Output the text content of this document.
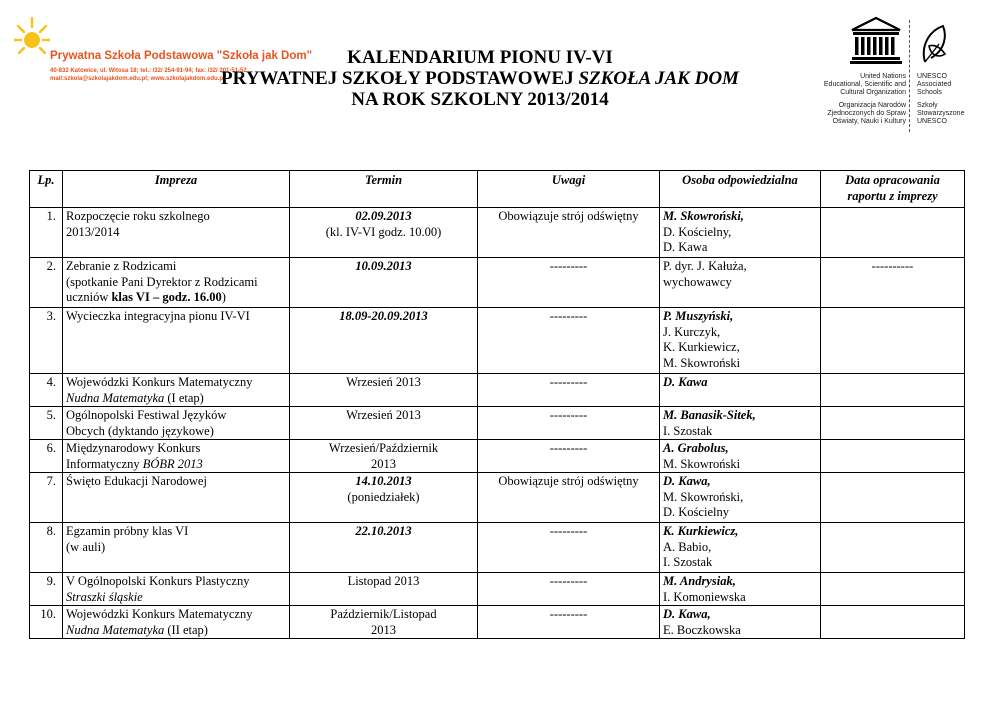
Prywatna Szkoła Podstawowa "Szkoła jak Dom"
40-832 Katowice, ul. Witosa 18; tel.: /32/ 254-91-94; fax: /32/ 201-51-52
mail:szkola@szkolajakdom.edu.pl; www.szkolajakdom.edu.pl
KALENDARIUM PIONU IV-VI
PRYWATNEJ SZKOŁY PODSTAWOWEJ SZKOŁA JAK DOM
NA ROK SZKOLNY 2013/2014
United Nations
Educational, Scientific and
Cultural Organization
Organizacja Narodów
Zjednoczonych do Spraw
Oświaty, Nauki i Kultury
UNESCO
Associated
Schools
Szkoły
Stowarzyszone
UNESCO
Lp.	Impreza	Termin	Uwagi	Osoba odpowiedzialna	Data opracowania
raportu z imprezy

1.	Rozpoczęcie roku szkolnego
2013/2014	02.09.2013
(kl. IV-VI godz. 10.00)	Obowiązuje strój odświętny	M. Skowroński,
D. Kościelny,
D. Kawa	

2.	Zebranie z Rodzicami
(spotkanie Pani Dyrektor z Rodzicami
uczniów klas VI – godz. 16.00)	10.09.2013	---------	P. dyr. J. Kałuża,
wychowawcy	----------
3.	Wycieczka integracyjna pionu IV-VI	18.09-20.09.2013	---------	P. Muszyński,
J. Kurczyk,
K. Kurkiewicz,
M. Skowroński	

4.	Wojewódzki Konkurs Matematyczny
Nudna Matematyka (I etap)	Wrzesień 2013	---------	D. Kawa	

5.	Ogólnopolski Festiwal Języków
Obcych (dyktando językowe)	Wrzesień 2013	---------	M. Banasik-Sitek,
I. Szostak	

6.	Międzynarodowy Konkurs
Informatyczny BÓBR 2013	Wrzesień/Październik
2013	---------	A. Grabolus,
M. Skowroński	

7.	Święto Edukacji Narodowej	14.10.2013
(poniedziałek)	Obowiązuje strój odświętny	D. Kawa,
M. Skowroński,
D. Kościelny	

8.	Egzamin próbny klas VI
(w auli)	22.10.2013	---------	K. Kurkiewicz,
A. Babio,
I. Szostak	

9.	V Ogólnopolski Konkurs Plastyczny
Straszki śląskie	Listopad 2013	---------	M. Andrysiak,
I. Komoniewska	

10.	Wojewódzki Konkurs Matematyczny
Nudna Matematyka (II etap)	Październik/Listopad
2013	---------	D. Kawa,
E. Boczkowska	
